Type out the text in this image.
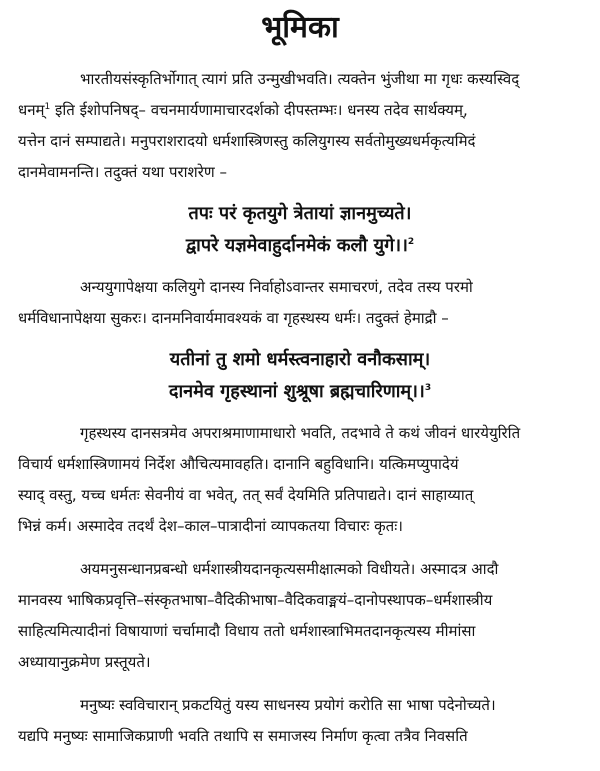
भूमिका

भारतीयसंस्कृतिर्भोगात् त्यागं प्रति उन्मुखीभवति। त्यक्तेन भुंजीथा मा गृधः कस्यस्विद्
धनम्$^1$ इति ईशोपनिषद्– वचनमार्यणामाचारदर्शको दीपस्तम्भः। धनस्य तदेव सार्थक्यम्,
यत्तेन दानं सम्पाद्यते। मनुपराशरादयो धर्मशास्त्रिणस्तु कलियुगस्य सर्वतोमुख्यधर्मकृत्यमिदं
दानमेवामनन्ति। तदुक्तं यथा पराशरेण –

तपः परं कृतयुगे त्रेतायां ज्ञानमुच्यते।
द्वापरे यज्ञमेवाहुर्दानमेकं कलौ युगे।।$^2$

अन्ययुगापेक्षया कलियुगे दानस्य निर्वाहोऽवान्तर समाचरणं, तदेव तस्य परमो
धर्मविधानापेक्षया सुकरः। दानमनिवार्यमावश्यकं वा गृहस्थस्य धर्मः। तदुक्तं हेमाद्रौ –

यतीनां तु शमो धर्मस्त्वनाहारो वनौकसाम्।
दानमेव गृहस्थानां शुश्रूषा ब्रह्मचारिणाम्।।$^3$

गृहस्थस्य दानसत्रमेव अपराश्रमाणामाधारो भवति, तदभावे ते कथं जीवनं धारयेयुरिति
विचार्य धर्मशास्त्रिणामयं निर्देश औचित्यमावहति। दानानि बहुविधानि। यत्किमप्युपादेयं
स्याद् वस्तु, यच्च धर्मतः सेवनीयं वा भवेत्, तत् सर्वं देयमिति प्रतिपाद्यते। दानं साहाय्यात्
भिन्नं कर्म। अस्मादेव तदर्थं देश–काल–पात्रादीनां व्यापकतया विचारः कृतः।

अयमनुसन्धानप्रबन्धो धर्मशास्त्रीयदानकृत्यसमीक्षात्मको विधीयते। अस्मादत्र आदौ
मानवस्य भाषिकप्रवृत्ति–संस्कृतभाषा–वैदिकीभाषा–वैदिकवाङ्मयं–दानोपस्थापक–धर्मशास्त्रीय
साहित्यमित्यादीनां विषायाणां चर्चामादौ विधाय ततो धर्मशास्त्राभिमतदानकृत्यस्य मीमांसा
अध्यायानुक्रमेण प्रस्तूयते।

मनुष्यः स्वविचारान् प्रकटयितुं यस्य साधनस्य प्रयोगं करोति सा भाषा पदेनोच्यते।
यद्यपि मनुष्यः सामाजिकप्राणी भवति तथापि स समाजस्य निर्माण कृत्वा तत्रैव निवसति
